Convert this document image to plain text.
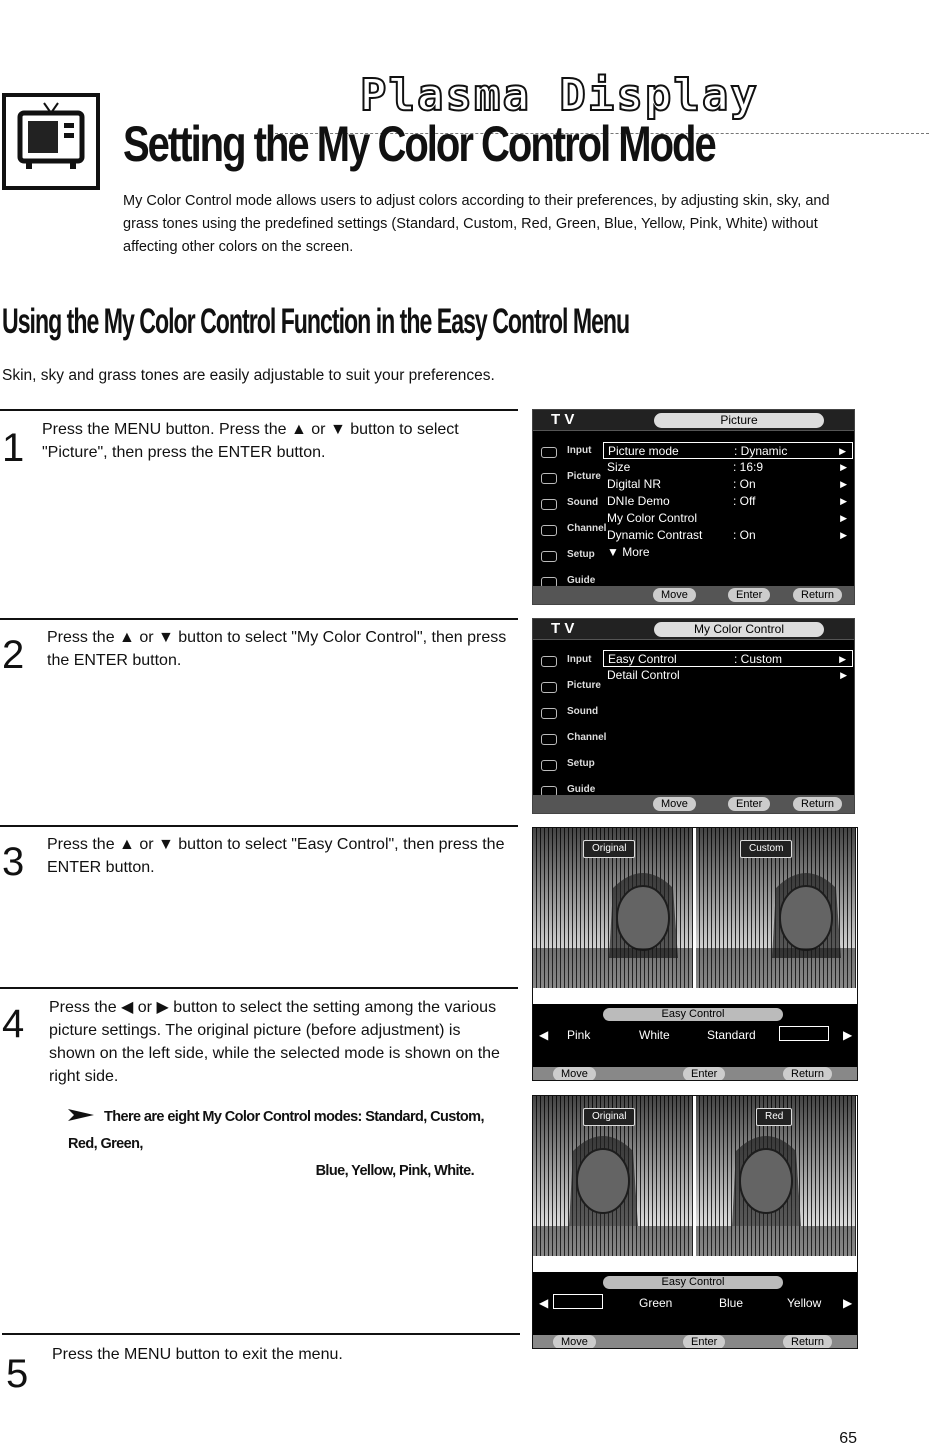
Plasma Display
Setting the My Color Control Mode
My Color Control mode allows users to adjust colors according to their preferences, by adjusting skin, sky, and grass tones using the predefined settings (Standard, Custom, Red, Green, Blue, Yellow, Pink, White) without affecting other colors on the screen.
Using the My Color Control Function in the Easy Control Menu
Skin, sky and grass tones are easily adjustable to suit your preferences.
1 Press the MENU button. Press the ▲ or ▼ button to select "Picture", then press the ENTER button.
2 Press the ▲ or ▼ button to select "My Color Control", then press the ENTER button.
3 Press the ▲ or ▼ button to select "Easy Control", then press the ENTER button.
4 Press the ◀ or ▶ button to select the setting among the various picture settings. The original picture (before adjustment) is shown on the left side, while the selected mode is shown on the right side.
There are eight My Color Control modes: Standard, Custom, Red, Green,
Blue, Yellow, Pink, White.
5 Press the MENU button to exit the menu.
T V	Picture
Input
Picture
Sound
Channel
Setup
Guide
Picture mode	: Dynamic	▶
Size	: 16:9	▶
Digital NR	: On	▶
DNIe Demo	: Off	▶
My Color Control	▶
Dynamic Contrast	: On	▶
▼ More
Move	Enter	Return
T V	My Color Control
Input
Picture
Sound
Channel
Setup
Guide
Easy Control	: Custom	▶
Detail Control	▶
Move	Enter	Return
Original	Custom
Easy Control
◀ Pink	White	Standard	▶
Move	Enter	Return
Original	Red
Easy Control
◀	Green	Blue	Yellow ▶
Move	Enter	Return
65
